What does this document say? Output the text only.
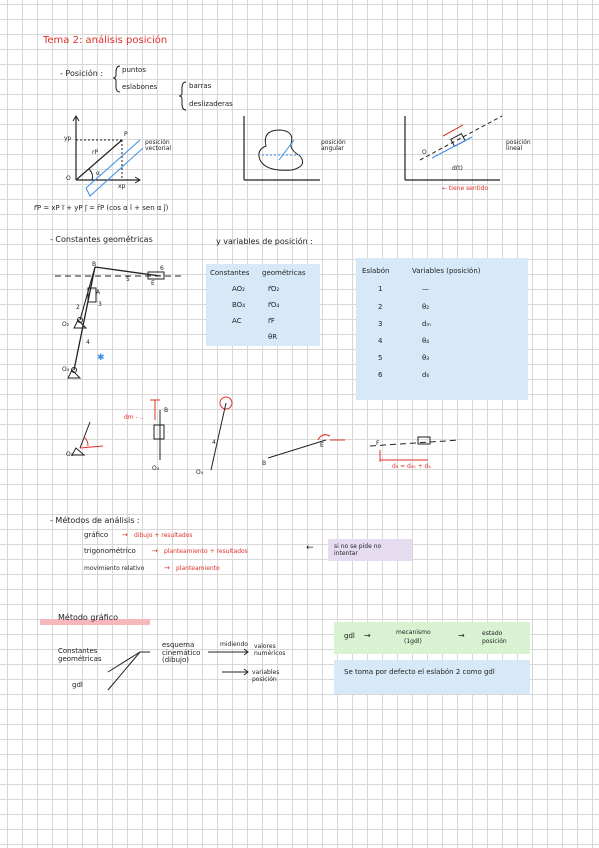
Tema 2: análisis posición
- Posición :	puntos
eslabones	barras
deslizaderas
✱
yp
xp
O
P
rP
α
posición vectorial
posición angular
O
d(t)
← tiene sentido
posición lineal
r⃗P = xP i⃗ + yP j⃗ = r̄P (cos α î + sen α ĵ)
- Constantes geométricas	y variables de posición :
B
5
E
6
A
2	3
O₂
4
O₄
Constantes geométricas
AO₂	r⃗O₂
BO₄	r⃗O₄
AC	r⃗F
θR
Eslabón	Variables (posición)
1	—
2	θ₂
3	dₘ
4	θ₄
5	θ₃
6	d₆
dm - ..
B
O₂
O₄
4
O₄
E
B
F
d₆ = d₆₀ + d₆
- Métodos de análisis :
gráfico → dibujo + resultados
trigonométrico → planteamiento + resultados
movimiento relativo	→ planteamiento
←	si no se pide no intentar
Método gráfico
Constantes geométricas
gdl
esquema cinemático (dibujo)
midiendo valores numéricos
variables posición
gdl →	mecanismo
(1gdl)
→	estado posición
Se toma por defecto el eslabón 2 como gdl
